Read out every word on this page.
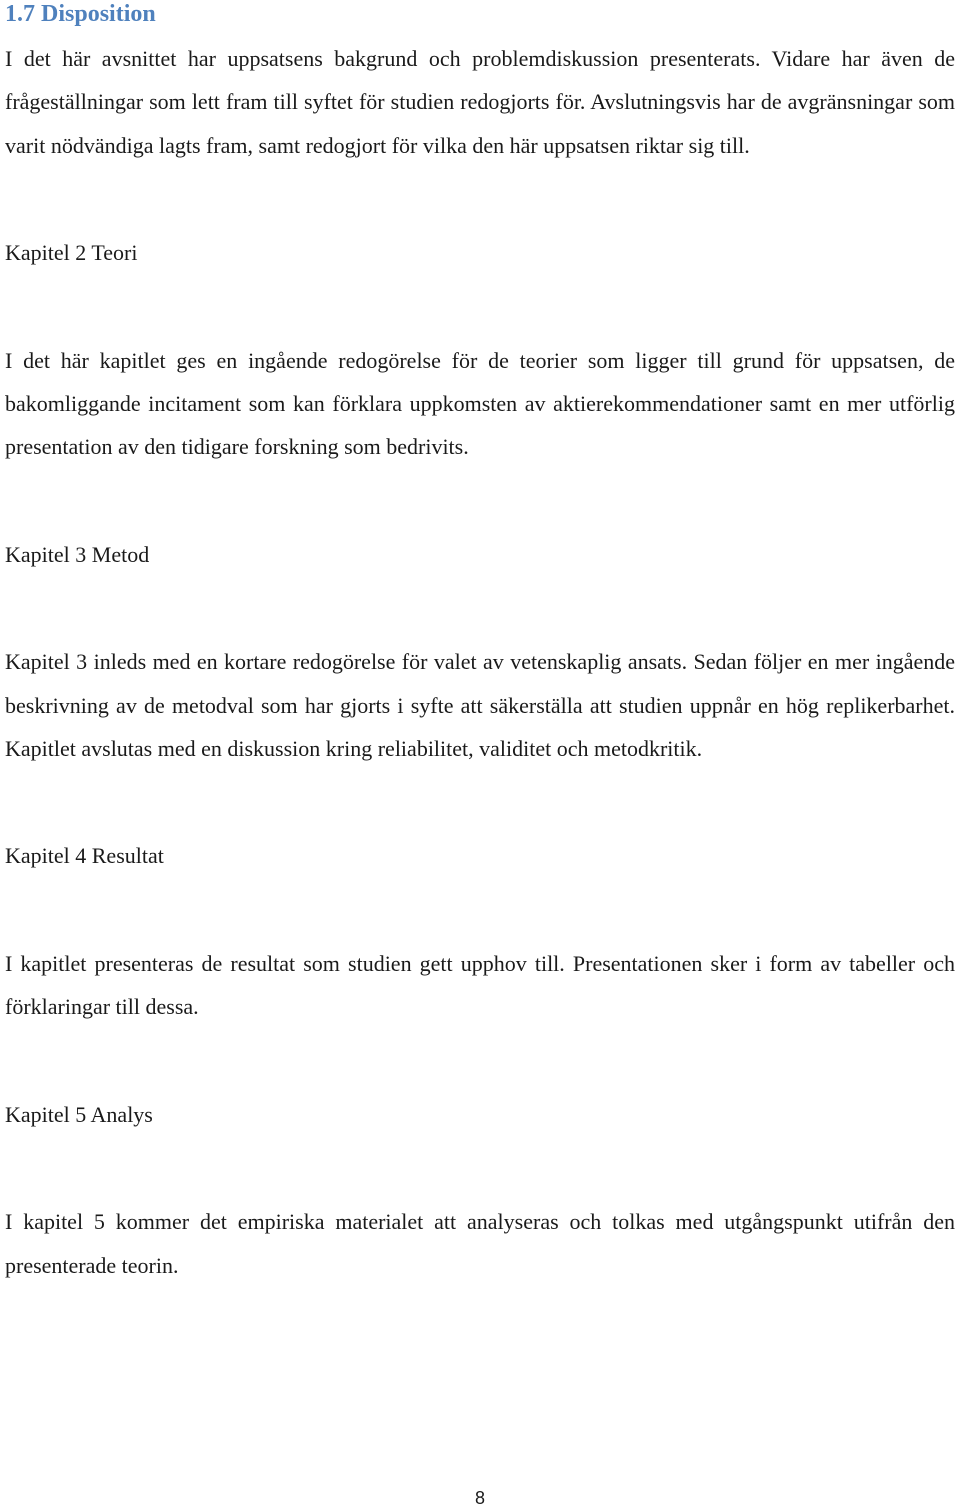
1.7 Disposition

I det här avsnittet har uppsatsens bakgrund och problemdiskussion presenterats. Vidare har även de frågeställningar som lett fram till syftet för studien redogjorts för. Avslutningsvis har de avgränsningar som varit nödvändiga lagts fram, samt redogjort för vilka den här uppsatsen riktar sig till.

Kapitel 2 Teori

I det här kapitlet ges en ingående redogörelse för de teorier som ligger till grund för uppsatsen, de bakomliggande incitament som kan förklara uppkomsten av aktierekommendationer samt en mer utförlig presentation av den tidigare forskning som bedrivits.

Kapitel 3 Metod

Kapitel 3 inleds med en kortare redogörelse för valet av vetenskaplig ansats. Sedan följer en mer ingående beskrivning av de metodval som har gjorts i syfte att säkerställa att studien uppnår en hög replikerbarhet. Kapitlet avslutas med en diskussion kring reliabilitet, validitet och metodkritik.

Kapitel 4 Resultat

I kapitlet presenteras de resultat som studien gett upphov till. Presentationen sker i form av tabeller och förklaringar till dessa.

Kapitel 5 Analys

I kapitel 5 kommer det empiriska materialet att analyseras och tolkas med utgångspunkt utifrån den presenterade teorin.

8
